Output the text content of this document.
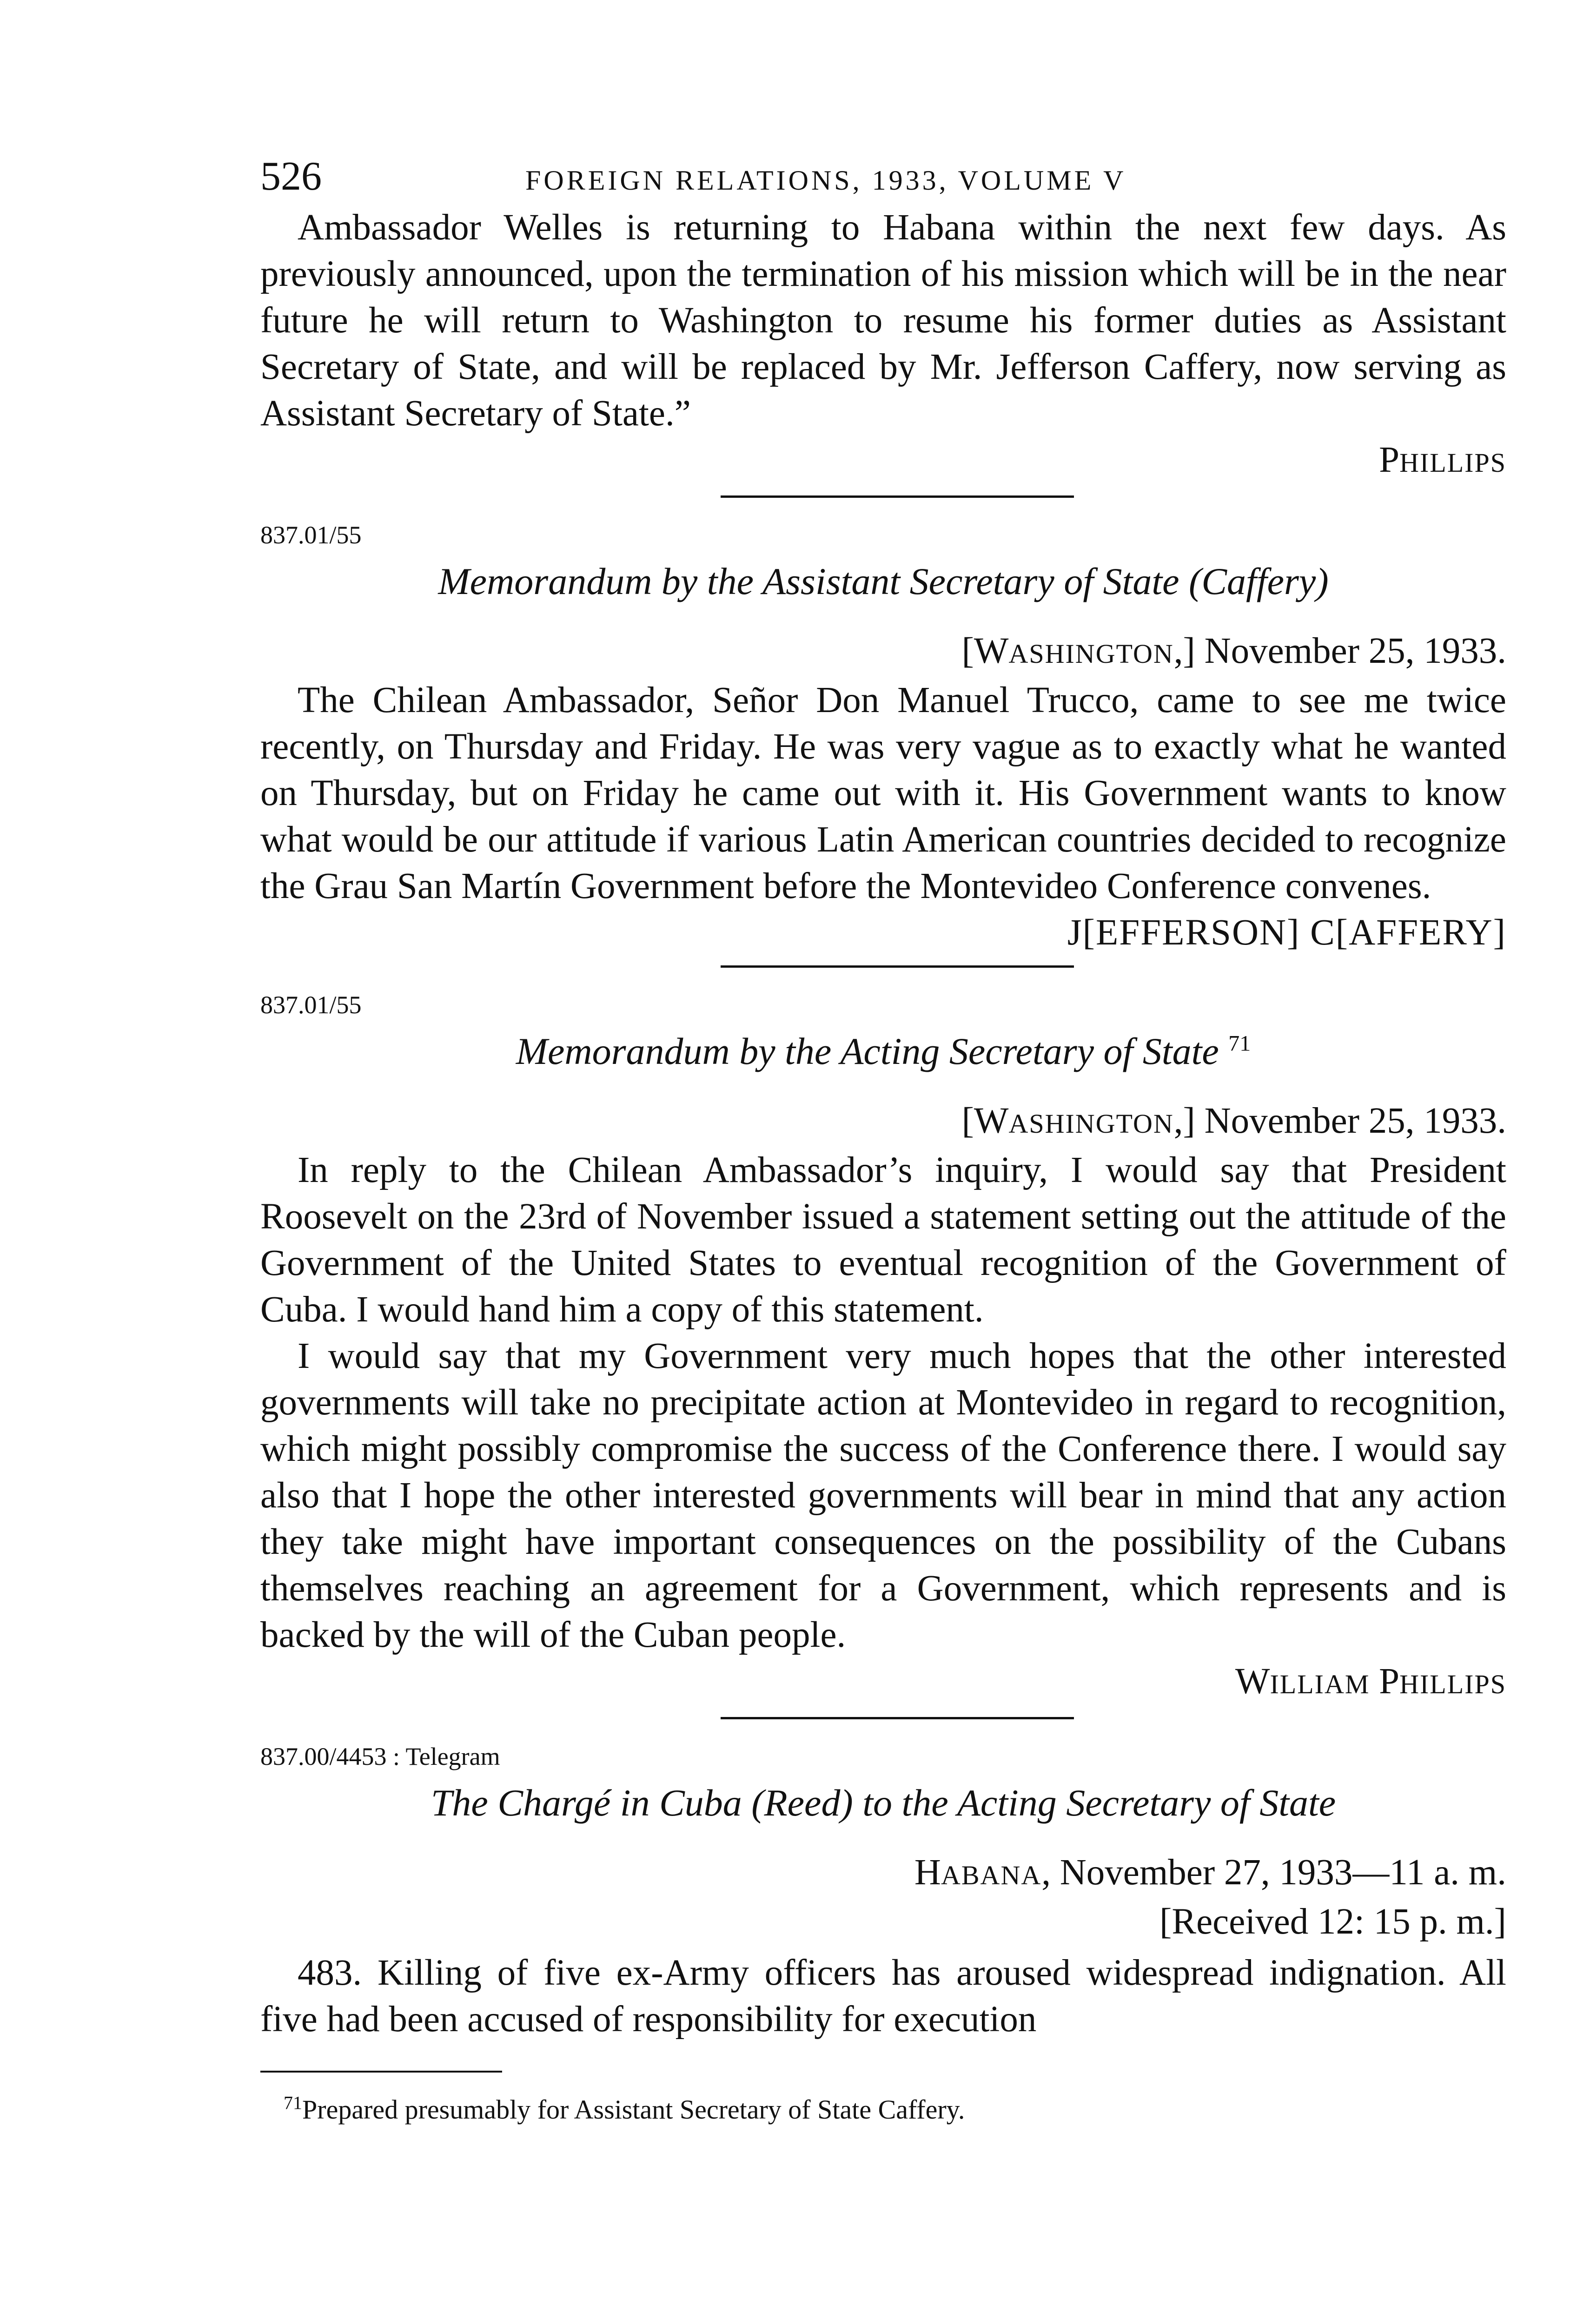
526	FOREIGN RELATIONS, 1933, VOLUME V

Ambassador Welles is returning to Habana within the next few days. As previously announced, upon the termination of his mission which will be in the near future he will return to Washington to resume his former duties as Assistant Secretary of State, and will be replaced by Mr. Jefferson Caffery, now serving as Assistant Secretary of State.”

PHILLIPS

837.01/55
Memorandum by the Assistant Secretary of State (Caffery)

[WASHINGTON,] November 25, 1933.

The Chilean Ambassador, Señor Don Manuel Trucco, came to see me twice recently, on Thursday and Friday. He was very vague as to exactly what he wanted on Thursday, but on Friday he came out with it. His Government wants to know what would be our attitude if various Latin American countries decided to recognize the Grau San Martín Government before the Montevideo Conference convenes.

J[EFFERSON] C[AFFERY]

837.01/55
Memorandum by the Acting Secretary of State $^{71}$

[WASHINGTON,] November 25, 1933.

In reply to the Chilean Ambassador’s inquiry, I would say that President Roosevelt on the 23rd of November issued a statement setting out the attitude of the Government of the United States to eventual recognition of the Government of Cuba. I would hand him a copy of this statement.

I would say that my Government very much hopes that the other interested governments will take no precipitate action at Montevideo in regard to recognition, which might possibly compromise the success of the Conference there. I would say also that I hope the other interested governments will bear in mind that any action they take might have important consequences on the possibility of the Cubans themselves reaching an agreement for a Government, which represents and is backed by the will of the Cuban people.

WILLIAM PHILLIPS

837.00/4453 : Telegram
The Chargé in Cuba (Reed) to the Acting Secretary of State

HABANA, November 27, 1933—11 a. m.

[Received 12: 15 p. m.]

483. Killing of five ex-Army officers has aroused widespread indignation. All five had been accused of responsibility for execution

$^{71}$Prepared presumably for Assistant Secretary of State Caffery.
